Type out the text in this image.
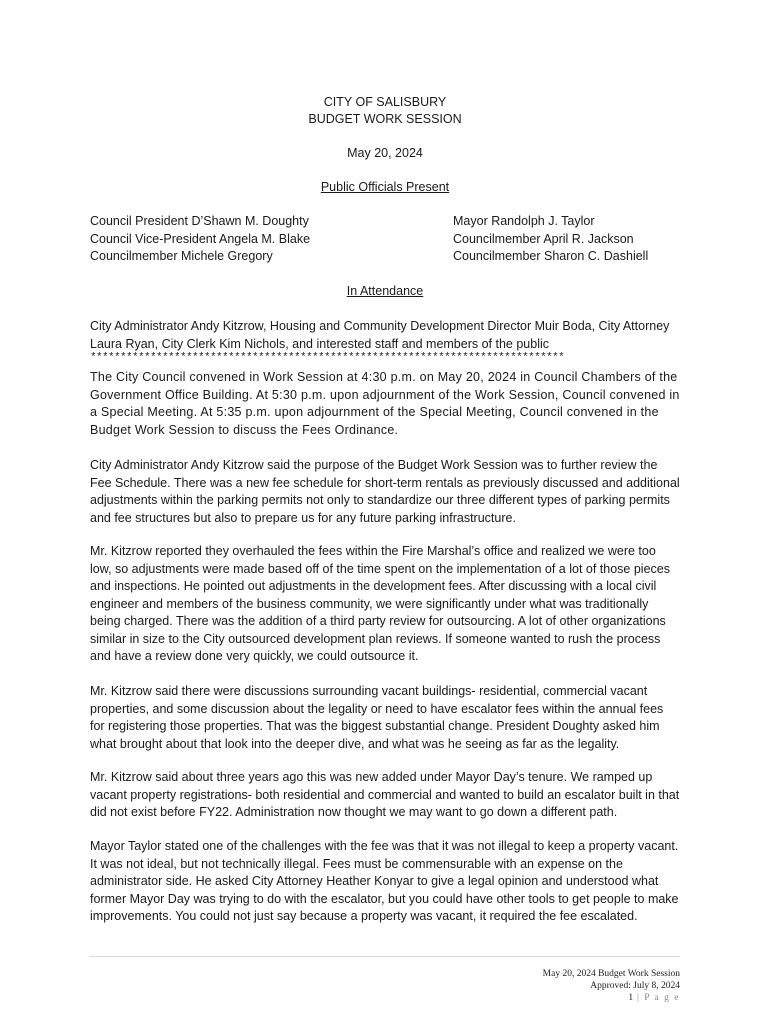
CITY OF SALISBURY
BUDGET WORK SESSION
May 20, 2024
Public Officials Present
Council President D’Shawn M. Doughty
Council Vice-President Angela M. Blake
Councilmember Michele Gregory
Mayor Randolph J. Taylor
Councilmember April R. Jackson
Councilmember Sharon C. Dashiell
In Attendance
City Administrator Andy Kitzrow, Housing and Community Development Director Muir Boda, City Attorney Laura Ryan, City Clerk Kim Nichols, and interested staff and members of the public
*******************************************************************************
The City Council convened in Work Session at 4:30 p.m. on May 20, 2024 in Council Chambers of the Government Office Building. At 5:30 p.m. upon adjournment of the Work Session, Council convened in a Special Meeting. At 5:35 p.m. upon adjournment of the Special Meeting, Council convened in the Budget Work Session to discuss the Fees Ordinance.
City Administrator Andy Kitzrow said the purpose of the Budget Work Session was to further review the Fee Schedule. There was a new fee schedule for short-term rentals as previously discussed and additional adjustments within the parking permits not only to standardize our three different types of parking permits and fee structures but also to prepare us for any future parking infrastructure.
Mr. Kitzrow reported they overhauled the fees within the Fire Marshal’s office and realized we were too low, so adjustments were made based off of the time spent on the implementation of a lot of those pieces and inspections. He pointed out adjustments in the development fees. After discussing with a local civil engineer and members of the business community, we were significantly under what was traditionally being charged. There was the addition of a third party review for outsourcing. A lot of other organizations similar in size to the City outsourced development plan reviews. If someone wanted to rush the process and have a review done very quickly, we could outsource it.
Mr. Kitzrow said there were discussions surrounding vacant buildings- residential, commercial vacant properties, and some discussion about the legality or need to have escalator fees within the annual fees for registering those properties. That was the biggest substantial change. President Doughty asked him what brought about that look into the deeper dive, and what was he seeing as far as the legality.
Mr. Kitzrow said about three years ago this was new added under Mayor Day’s tenure. We ramped up vacant property registrations- both residential and commercial and wanted to build an escalator built in that did not exist before FY22. Administration now thought we may want to go down a different path.
Mayor Taylor stated one of the challenges with the fee was that it was not illegal to keep a property vacant. It was not ideal, but not technically illegal. Fees must be commensurable with an expense on the administrator side. He asked City Attorney Heather Konyar to give a legal opinion and understood what former Mayor Day was trying to do with the escalator, but you could have other tools to get people to make improvements. You could not just say because a property was vacant, it required the fee escalated.
May 20, 2024 Budget Work Session
Approved: July 8, 2024
1 | P a g e
